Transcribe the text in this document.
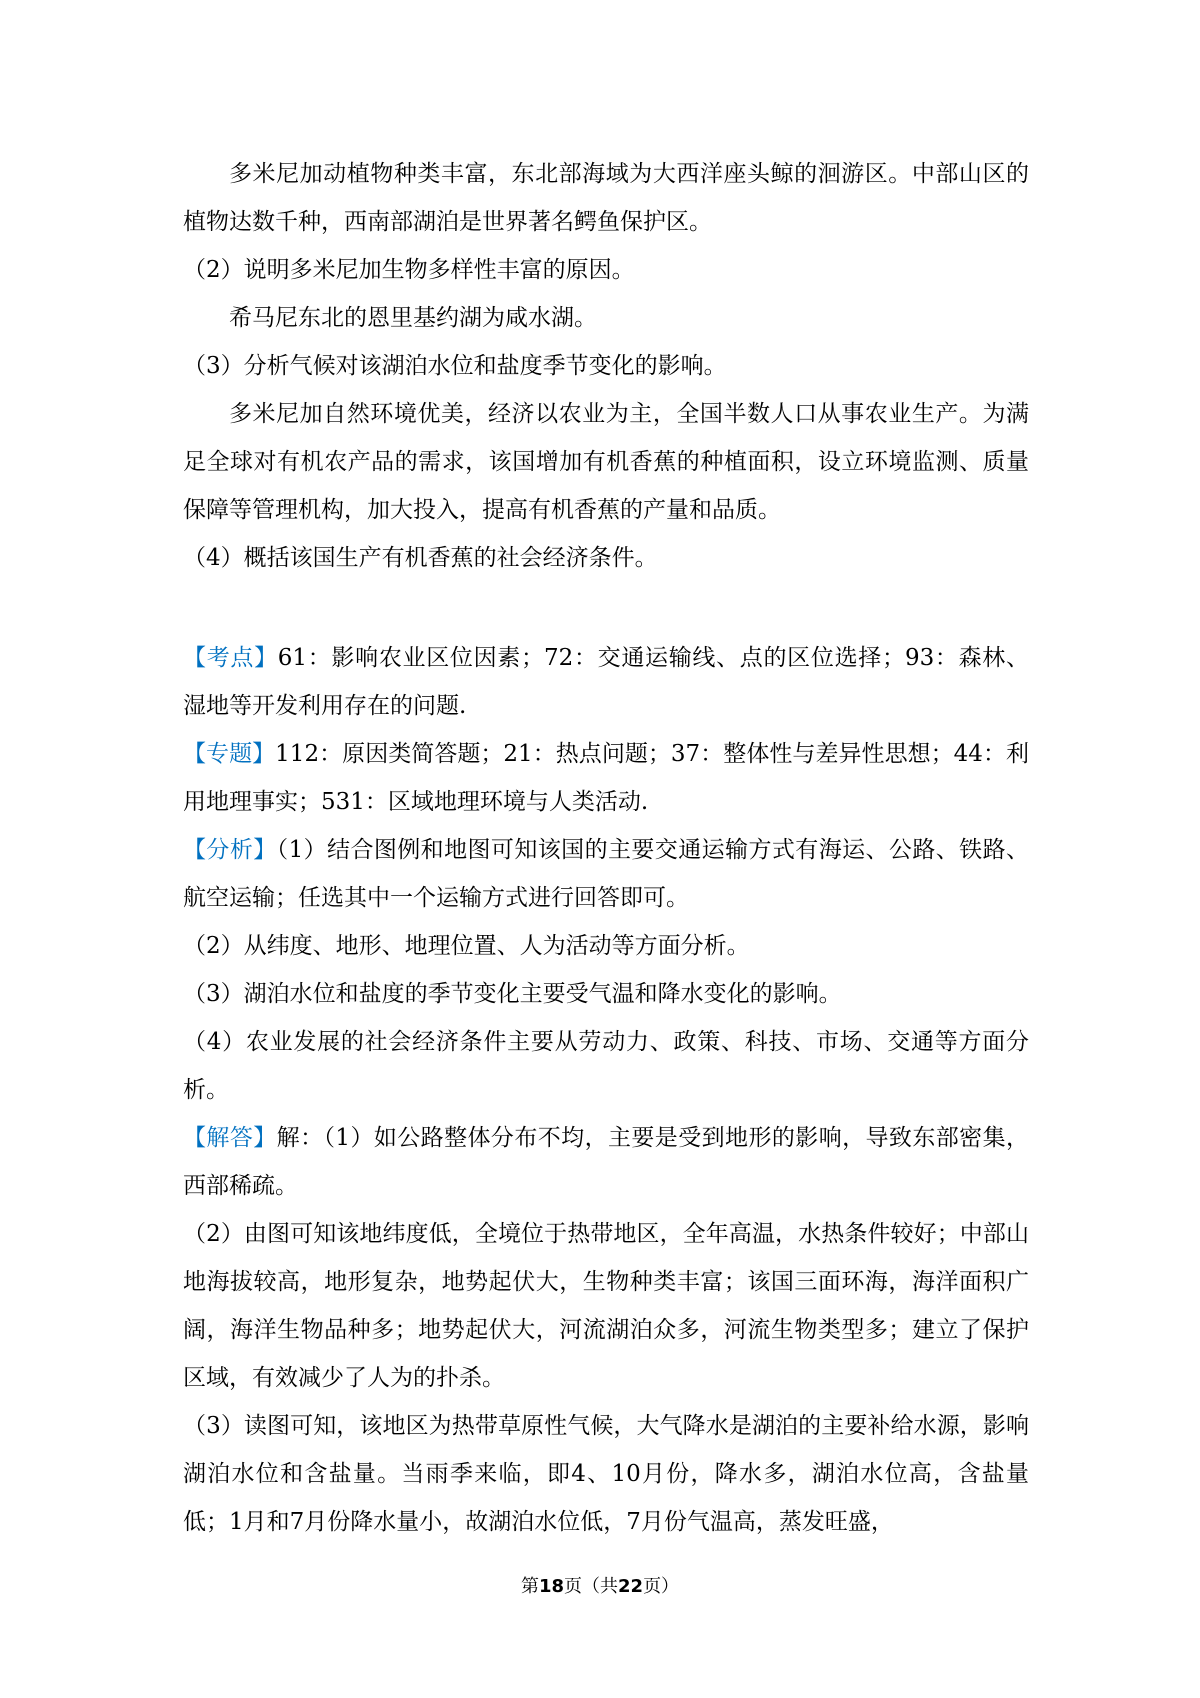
多米尼加动植物种类丰富，东北部海域为大西洋座头鲸的洄游区。中部山区的植物达数千种，西南部湖泊是世界著名鳄鱼保护区。

（2）说明多米尼加生物多样性丰富的原因。

希马尼东北的恩里基约湖为咸水湖。

（3）分析气候对该湖泊水位和盐度季节变化的影响。

多米尼加自然环境优美，经济以农业为主，全国半数人口从事农业生产。为满足全球对有机农产品的需求，该国增加有机香蕉的种植面积，设立环境监测、质量保障等管理机构，加大投入，提高有机香蕉的产量和品质。

（4）概括该国生产有机香蕉的社会经济条件。

【考点】61：影响农业区位因素；72：交通运输线、点的区位选择；93：森林、湿地等开发利用存在的问题.

【专题】112：原因类简答题；21：热点问题；37：整体性与差异性思想；44：利用地理事实；531：区域地理环境与人类活动.

【分析】（1）结合图例和地图可知该国的主要交通运输方式有海运、公路、铁路、航空运输；任选其中一个运输方式进行回答即可。

（2）从纬度、地形、地理位置、人为活动等方面分析。

（3）湖泊水位和盐度的季节变化主要受气温和降水变化的影响。

（4）农业发展的社会经济条件主要从劳动力、政策、科技、市场、交通等方面分析。

【解答】解：（1）如公路整体分布不均，主要是受到地形的影响，导致东部密集，西部稀疏。

（2）由图可知该地纬度低，全境位于热带地区，全年高温，水热条件较好；中部山地海拔较高，地形复杂，地势起伏大，生物种类丰富；该国三面环海，海洋面积广阔，海洋生物品种多；地势起伏大，河流湖泊众多，河流生物类型多；建立了保护区域，有效减少了人为的扑杀。

（3）读图可知，该地区为热带草原性气候，大气降水是湖泊的主要补给水源，影响湖泊水位和含盐量。当雨季来临，即4、10月份，降水多，湖泊水位高，含盐量低；1月和7月份降水量小，故湖泊水位低，7月份气温高，蒸发旺盛，

第18页（共22页）
